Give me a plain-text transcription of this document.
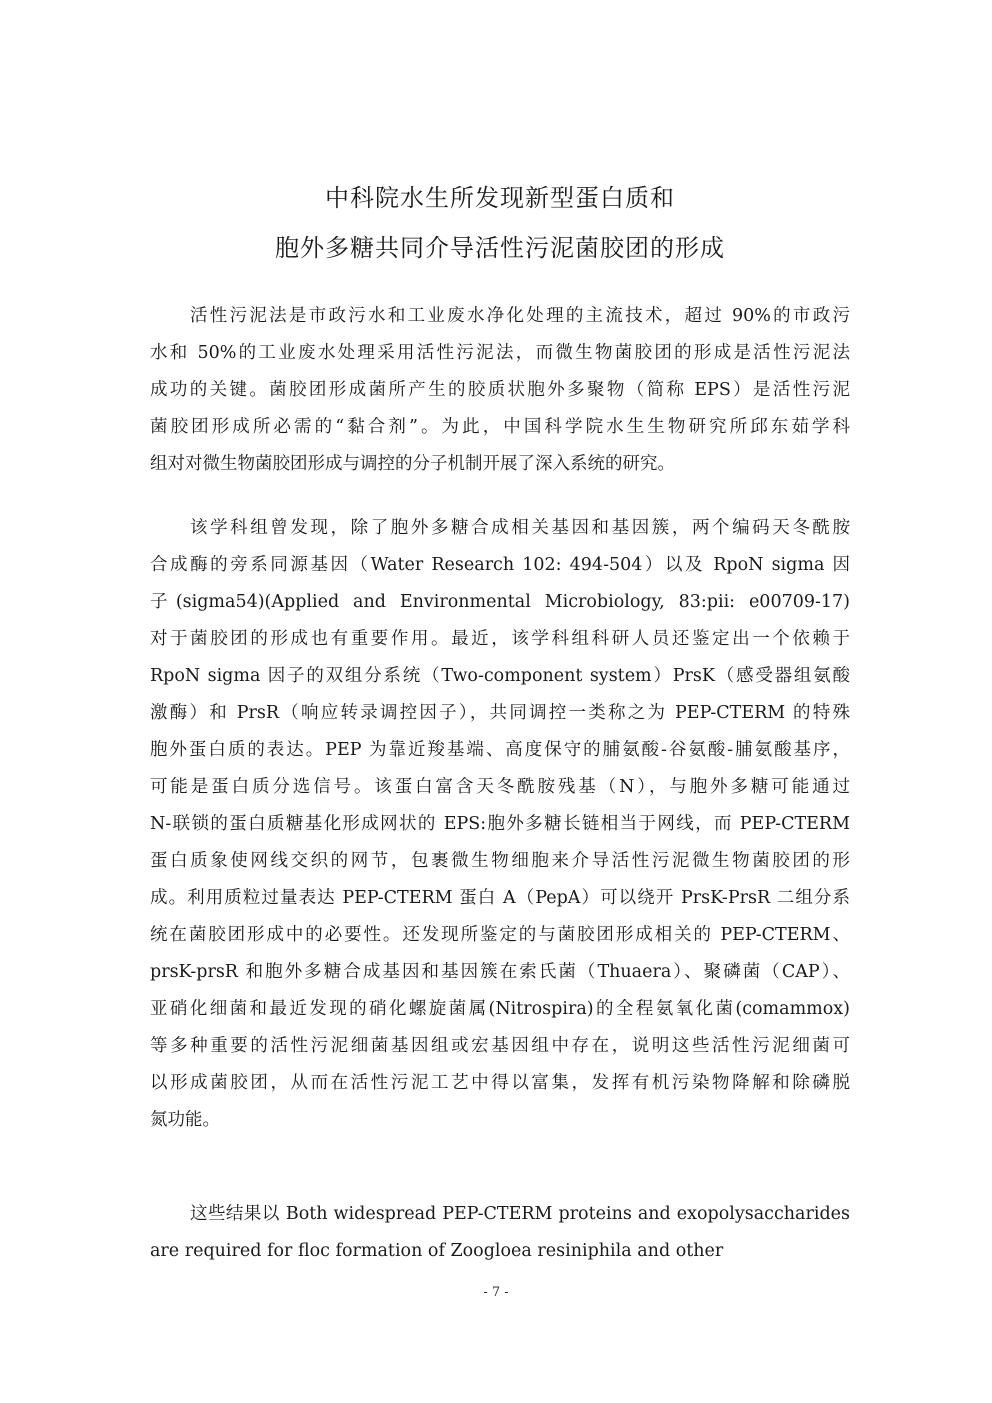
中科院水生所发现新型蛋白质和
胞外多糖共同介导活性污泥菌胶团的形成
活性污泥法是市政污水和工业废水净化处理的主流技术，超过 90%的市政污
水和 50%的工业废水处理采用活性污泥法，而微生物菌胶团的形成是活性污泥法
成功的关键。菌胶团形成菌所产生的胶质状胞外多聚物（简称 EPS）是活性污泥
菌胶团形成所必需的“黏合剂”。为此，中国科学院水生生物研究所邱东茹学科
组对对微生物菌胶团形成与调控的分子机制开展了深入系统的研究。
该学科组曾发现，除了胞外多糖合成相关基因和基因簇，两个编码天冬酰胺
合成酶的旁系同源基因（Water Research 102: 494-504）以及 RpoN sigma 因
子(sigma54)(Applied and Environmental Microbiology, 83:pii: e00709-17)
对于菌胶团的形成也有重要作用。最近，该学科组科研人员还鉴定出一个依赖于
RpoN sigma 因子的双组分系统（Two-component system）PrsK（感受器组氨酸
激酶）和 PrsR（响应转录调控因子），共同调控一类称之为 PEP-CTERM 的特殊
胞外蛋白质的表达。PEP 为靠近羧基端、高度保守的脯氨酸-谷氨酸-脯氨酸基序，
可能是蛋白质分选信号。该蛋白富含天冬酰胺残基（N），与胞外多糖可能通过
N-联锁的蛋白质糖基化形成网状的 EPS:胞外多糖长链相当于网线，而 PEP-CTERM
蛋白质象使网线交织的网节，包裹微生物细胞来介导活性污泥微生物菌胶团的形
成。利用质粒过量表达 PEP-CTERM 蛋白 A（PepA）可以绕开 PrsK-PrsR 二组分系
统在菌胶团形成中的必要性。还发现所鉴定的与菌胶团形成相关的 PEP-CTERM、
prsK-prsR 和胞外多糖合成基因和基因簇在索氏菌（Thuaera）、聚磷菌（CAP）、
亚硝化细菌和最近发现的硝化螺旋菌属(Nitrospira)的全程氨氧化菌(comammox)
等多种重要的活性污泥细菌基因组或宏基因组中存在，说明这些活性污泥细菌可
以形成菌胶团，从而在活性污泥工艺中得以富集，发挥有机污染物降解和除磷脱
氮功能。
这些结果以 Both widespread PEP-CTERM proteins and exopolysaccharides
are required for floc formation of Zoogloea resiniphila and other
- 7 -
